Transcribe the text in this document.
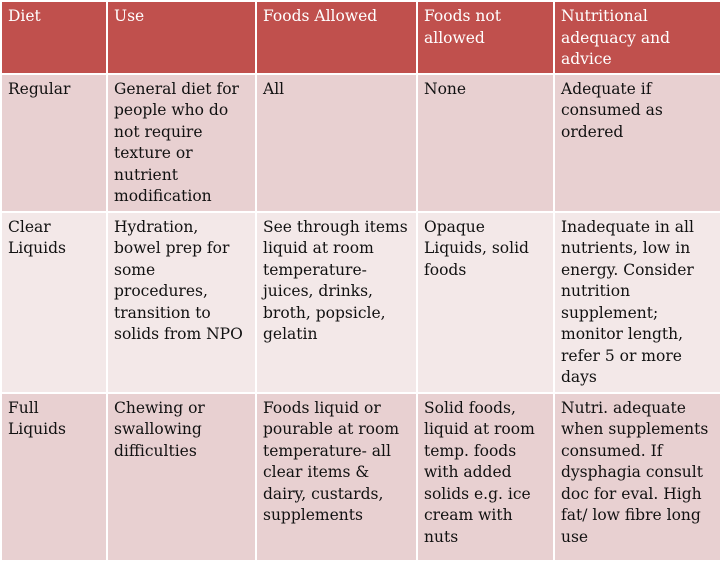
Diet	Use	Foods Allowed	Foods not allowed	Nutritional adequacy and advice
Regular	General diet for people who do not require texture or nutrient modification	All	None	Adequate if consumed as ordered
Clear Liquids	Hydration, bowel prep for some procedures, transition to solids from NPO	See through items liquid at room temperature- juices, drinks, broth, popsicle, gelatin	Opaque Liquids, solid foods	Inadequate in all nutrients, low in energy. Consider nutrition supplement; monitor length, refer 5 or more days
Full Liquids	Chewing or swallowing difficulties	Foods liquid or pourable at room temperature- all clear items & dairy, custards, supplements	Solid foods, liquid at room temp. foods with added solids e.g. ice cream with nuts	Nutri. adequate when supplements consumed. If dysphagia consult doc for eval. High fat/ low fibre long use
